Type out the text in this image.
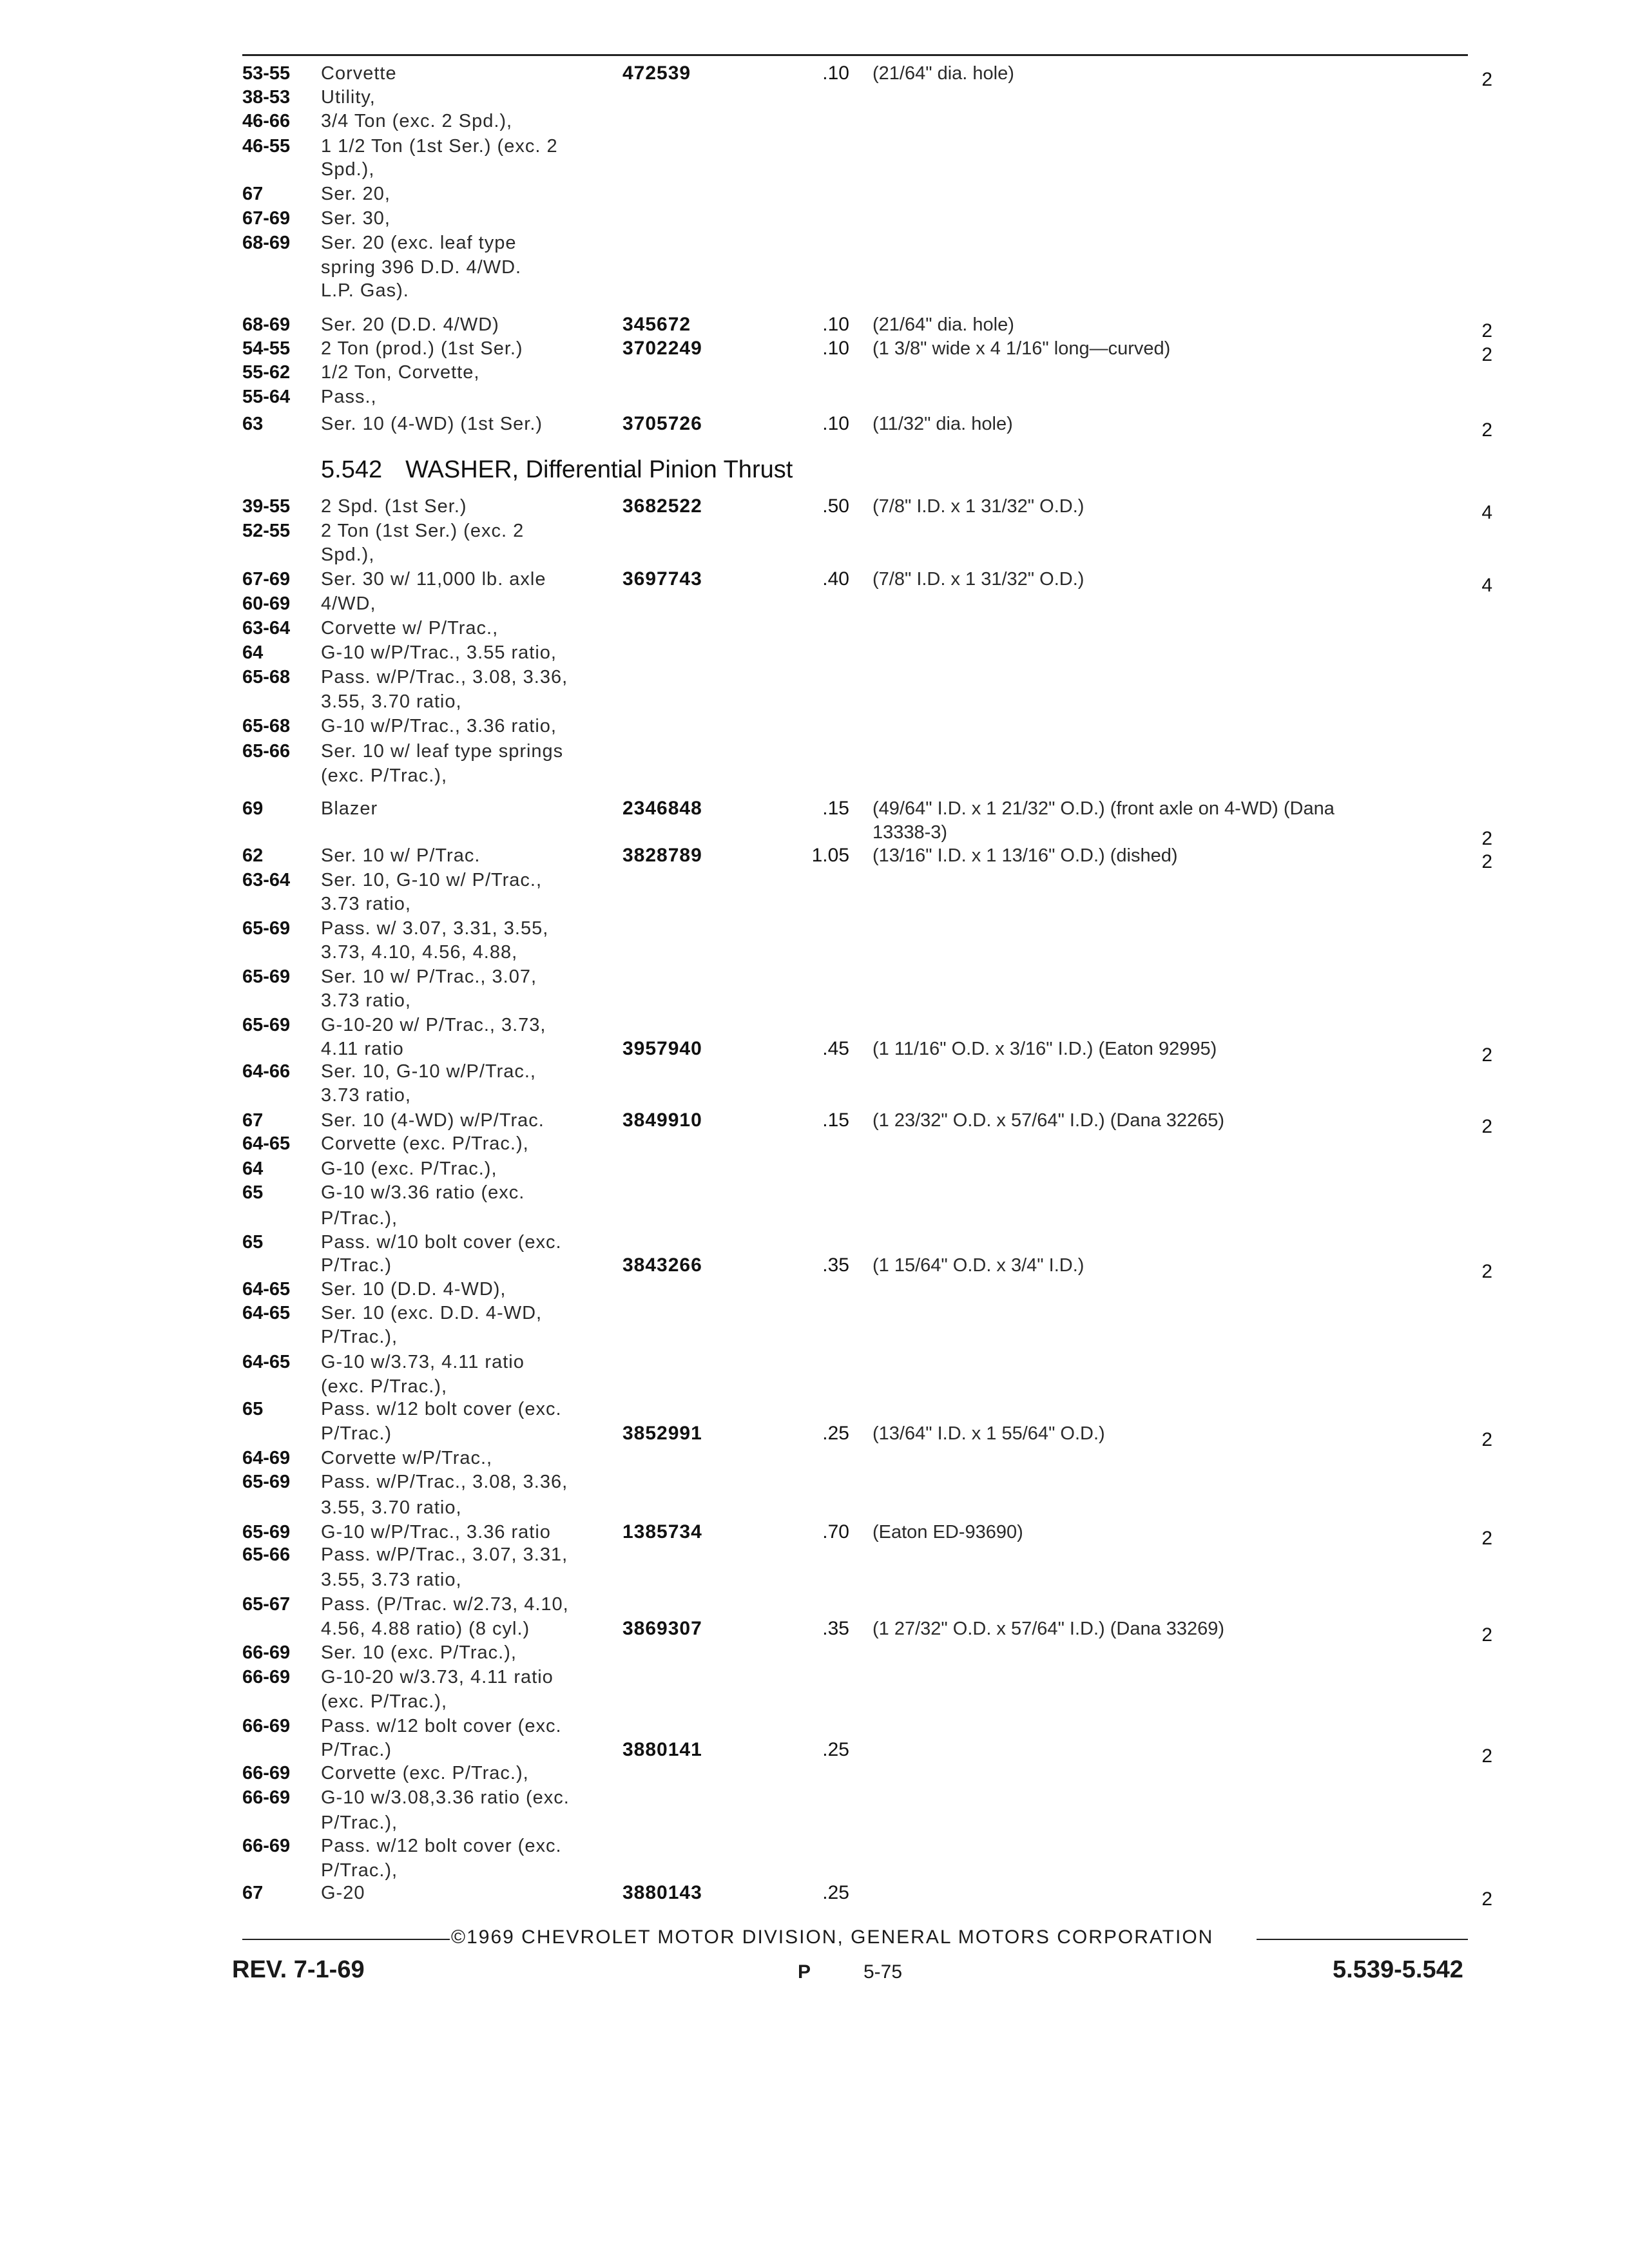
5.542 WASHER, Differential Pinion Thrust
53-55 Corvette	472539	.10 (21/64" dia. hole)	2
38-53 Utility,
46-66 3/4 Ton (exc. 2 Spd.),
46-55 1 1/2 Ton (1st Ser.) (exc. 2
Spd.),
67	Ser. 20,
67-69 Ser. 30,
68-69 Ser. 20 (exc. leaf type
spring 396 D.D. 4/WD.
L.P. Gas).
68-69 Ser. 20 (D.D. 4/WD)	345672	.10 (21/64" dia. hole)	2
54-55 2 Ton (prod.) (1st Ser.)	3702249	.10 (1 3/8" wide x 4 1/16" long—curved)	2
55-62 1/2 Ton, Corvette,
55-64 Pass.,
63	Ser. 10 (4-WD) (1st Ser.)	3705726	.10 (11/32" dia. hole)	2
39-55 2 Spd. (1st Ser.)	3682522	.50 (7/8" I.D. x 1 31/32" O.D.)	4
52-55 2 Ton (1st Ser.) (exc. 2
Spd.),
67-69 Ser. 30 w/ 11,000 lb. axle	3697743	.40 (7/8" I.D. x 1 31/32" O.D.)	4
60-69 4/WD,
63-64 Corvette w/ P/Trac.,
64	G-10 w/P/Trac., 3.55 ratio,
65-68 Pass. w/P/Trac., 3.08, 3.36,
3.55, 3.70 ratio,
65-68 G-10 w/P/Trac., 3.36 ratio,
65-66 Ser. 10 w/ leaf type springs
(exc. P/Trac.),
69	Blazer	2346848	.15 (49/64" I.D. x 1 21/32" O.D.) (front axle on 4-WD) (Dana
13338-3)	2
62	Ser. 10 w/ P/Trac.	3828789	1.05 (13/16" I.D. x 1 13/16" O.D.) (dished)	2
63-64 Ser. 10, G-10 w/ P/Trac.,
3.73 ratio,
65-69 Pass. w/ 3.07, 3.31, 3.55,
3.73, 4.10, 4.56, 4.88,
65-69 Ser. 10 w/ P/Trac., 3.07,
3.73 ratio,
65-69 G-10-20 w/ P/Trac., 3.73,
4.11 ratio	3957940	.45 (1 11/16" O.D. x 3/16" I.D.) (Eaton 92995)	2
64-66 Ser. 10, G-10 w/P/Trac.,
3.73 ratio,
67	Ser. 10 (4-WD) w/P/Trac.	3849910	.15 (1 23/32" O.D. x 57/64" I.D.) (Dana 32265)	2
64-65 Corvette (exc. P/Trac.),
64	G-10 (exc. P/Trac.),
65	G-10 w/3.36 ratio (exc.
P/Trac.),
65	Pass. w/10 bolt cover (exc.
P/Trac.)	3843266	.35 (1 15/64" O.D. x 3/4" I.D.)	2
64-65 Ser. 10 (D.D. 4-WD),
64-65 Ser. 10 (exc. D.D. 4-WD,
P/Trac.),
64-65 G-10 w/3.73, 4.11 ratio
(exc. P/Trac.),
65	Pass. w/12 bolt cover (exc.
P/Trac.)	3852991	.25 (13/64" I.D. x 1 55/64" O.D.)	2
64-69 Corvette w/P/Trac.,
65-69 Pass. w/P/Trac., 3.08, 3.36,
3.55, 3.70 ratio,
65-69 G-10 w/P/Trac., 3.36 ratio	1385734	.70 (Eaton ED-93690)	2
65-66 Pass. w/P/Trac., 3.07, 3.31,
3.55, 3.73 ratio,
65-67 Pass. (P/Trac. w/2.73, 4.10,
4.56, 4.88 ratio) (8 cyl.)	3869307	.35 (1 27/32" O.D. x 57/64" I.D.) (Dana 33269)	2
66-69 Ser. 10 (exc. P/Trac.),
66-69 G-10-20 w/3.73, 4.11 ratio
(exc. P/Trac.),
66-69 Pass. w/12 bolt cover (exc.
P/Trac.)	3880141	.25	2
66-69 Corvette (exc. P/Trac.),
66-69 G-10 w/3.08,3.36 ratio (exc.
P/Trac.),
66-69 Pass. w/12 bolt cover (exc.
P/Trac.),
67	G-20	3880143	.25	2
©1969 CHEVROLET MOTOR DIVISION, GENERAL MOTORS CORPORATION
REV. 7-1-69	P	5-75	5.539-5.542
